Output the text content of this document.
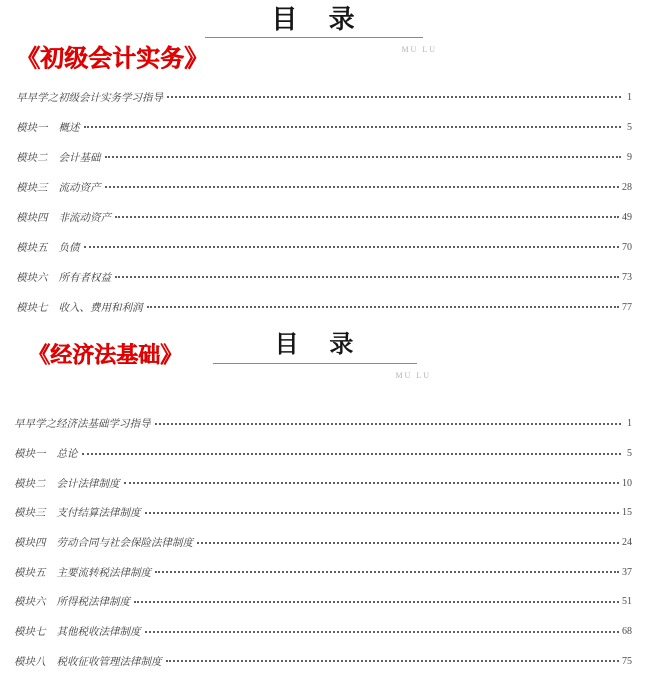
目 录
MU LU
《初级会计实务》
早早学之初级会计实务学习指导	1
模块一 概述	5
模块二 会计基础	9
模块三 流动资产	28
模块四 非流动资产	49
模块五 负债	70
模块六 所有者权益	73
模块七 收入、费用和利润	77
目 录
MU LU
《经济法基础》
早早学之经济法基础学习指导	1
模块一 总论	5
模块二 会计法律制度	10
模块三 支付结算法律制度	15
模块四 劳动合同与社会保险法律制度	24
模块五 主要流转税法律制度	37
模块六 所得税法律制度	51
模块七 其他税收法律制度	68
模块八 税收征收管理法律制度	75
